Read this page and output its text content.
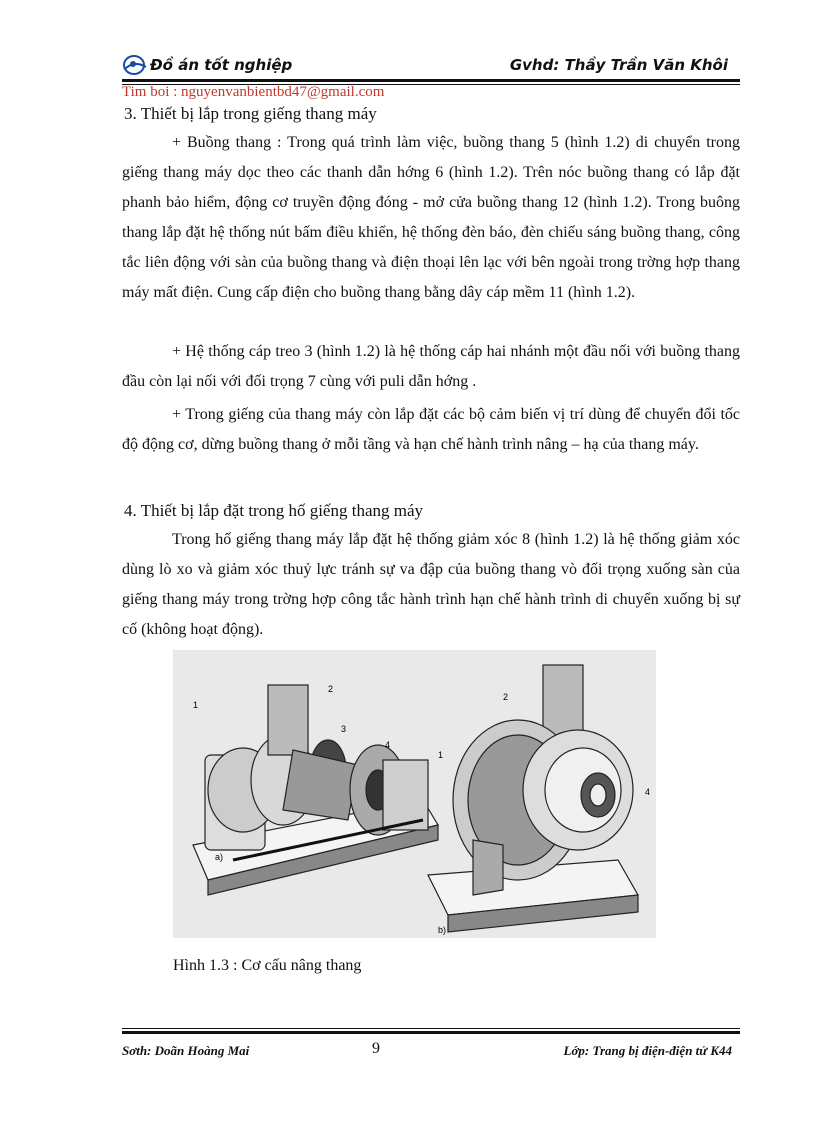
Đồ án tốt nghiệp	Gvhd: Thầy Trần Văn Khôi
Tim boi : nguyenvanbientbd47@gmail.com
3. Thiết bị lắp trong giếng thang máy

+ Buồng thang : Trong quá trình làm việc, buồng thang 5 (hình 1.2) di chuyển trong giếng thang máy dọc theo các thanh dẫn hớng 6 (hình 1.2). Trên nóc buồng thang có lắp đặt phanh bảo hiểm, động cơ truyền động đóng - mở cửa buồng thang 12 (hình 1.2). Trong buông thang lắp đặt hệ thống nút bấm điều khiển, hệ thống đèn báo, đèn chiếu sáng buồng thang, công tắc liên động với sàn của buồng thang và điện thoại lên lạc với bên ngoài trong trờng hợp thang máy mất điện. Cung cấp điện cho buồng thang bằng dây cáp mềm 11 (hình 1.2).

+ Hệ thống cáp treo 3 (hình 1.2) là hệ thống cáp hai nhánh một đầu nối với buồng thang đầu còn lại nối với đối trọng 7 cùng với puli dẫn hớng .

+ Trong giếng của thang máy còn lắp đặt các bộ cảm biến vị trí dùng để chuyển đổi tốc độ động cơ, dừng buồng thang ở mỗi tầng và hạn chế hành trình nâng – hạ của thang máy.

4. Thiết bị lắp đặt trong hố giếng thang máy

Trong hố giếng thang máy lắp đặt hệ thống giảm xóc 8 (hình 1.2) là hệ thống giảm xóc dùng lò xo và giảm xóc thuỷ lực tránh sự va đập của buồng thang vò đối trọng xuống sàn của giếng thang máy trong trờng hợp công tắc hành trình hạn chế hành trình di chuyển xuống bị sự cố (không hoạt động).

1
2
3
4
a)
2
1
4
b)
Hình 1.3 : Cơ cấu nâng thang
Sơth: Doãn Hoàng Mai	9	Lớp: Trang bị điện-điện tử K44
